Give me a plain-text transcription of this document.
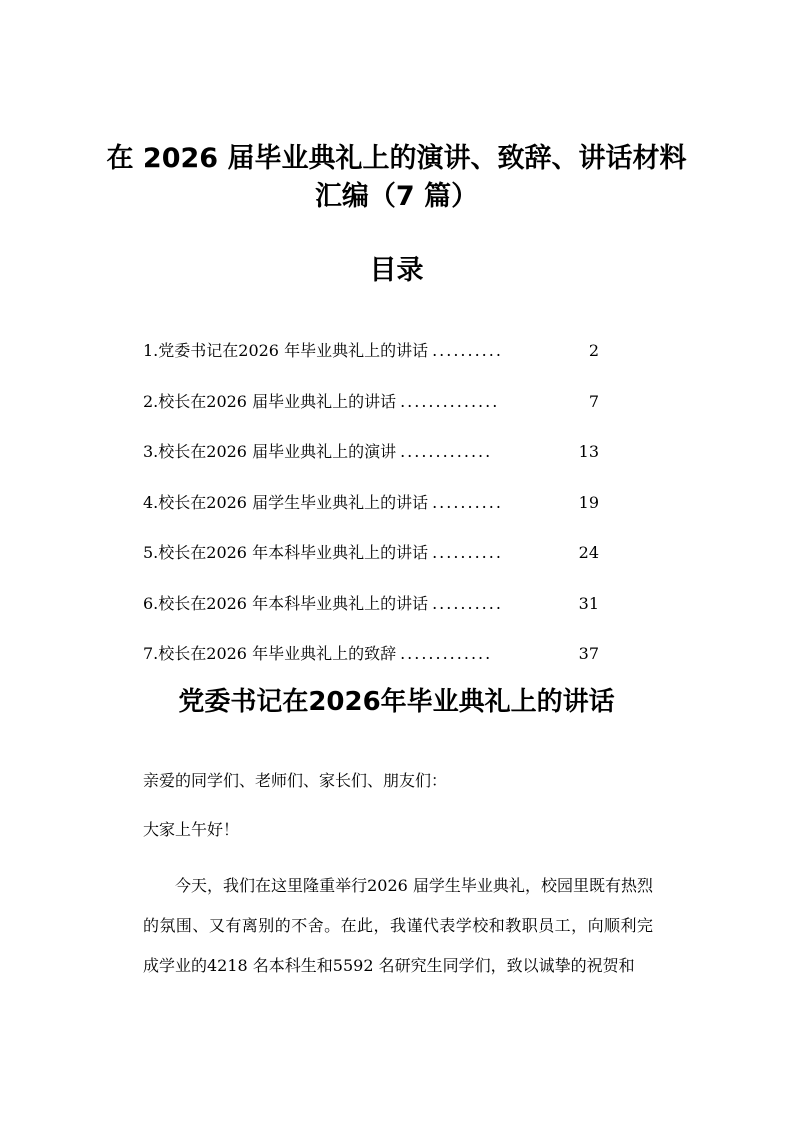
在 2026 届毕业典礼上的演讲、致辞、讲话材料汇编（7 篇）
目录
1.党委书记在2026 年毕业典礼上的讲话 ..........	2
2.校长在2026 届毕业典礼上的讲话 ..............	7
3.校长在2026 届毕业典礼上的演讲 .............	13
4.校长在2026 届学生毕业典礼上的讲话 ..........	19
5.校长在2026 年本科毕业典礼上的讲话 ..........	24
6.校长在2026 年本科毕业典礼上的讲话 ..........	31
7.校长在2026 年毕业典礼上的致辞 .............	37
党委书记在2026年毕业典礼上的讲话

亲爱的同学们、老师们、家长们、朋友们：

大家上午好！

今天，我们在这里隆重举行2026 届学生毕业典礼，校园里既有热烈的氛围、又有离别的不舍。在此，我谨代表学校和教职员工，向顺利完成学业的4218 名本科生和5592 名研究生同学们，致以诚挚的祝贺和
